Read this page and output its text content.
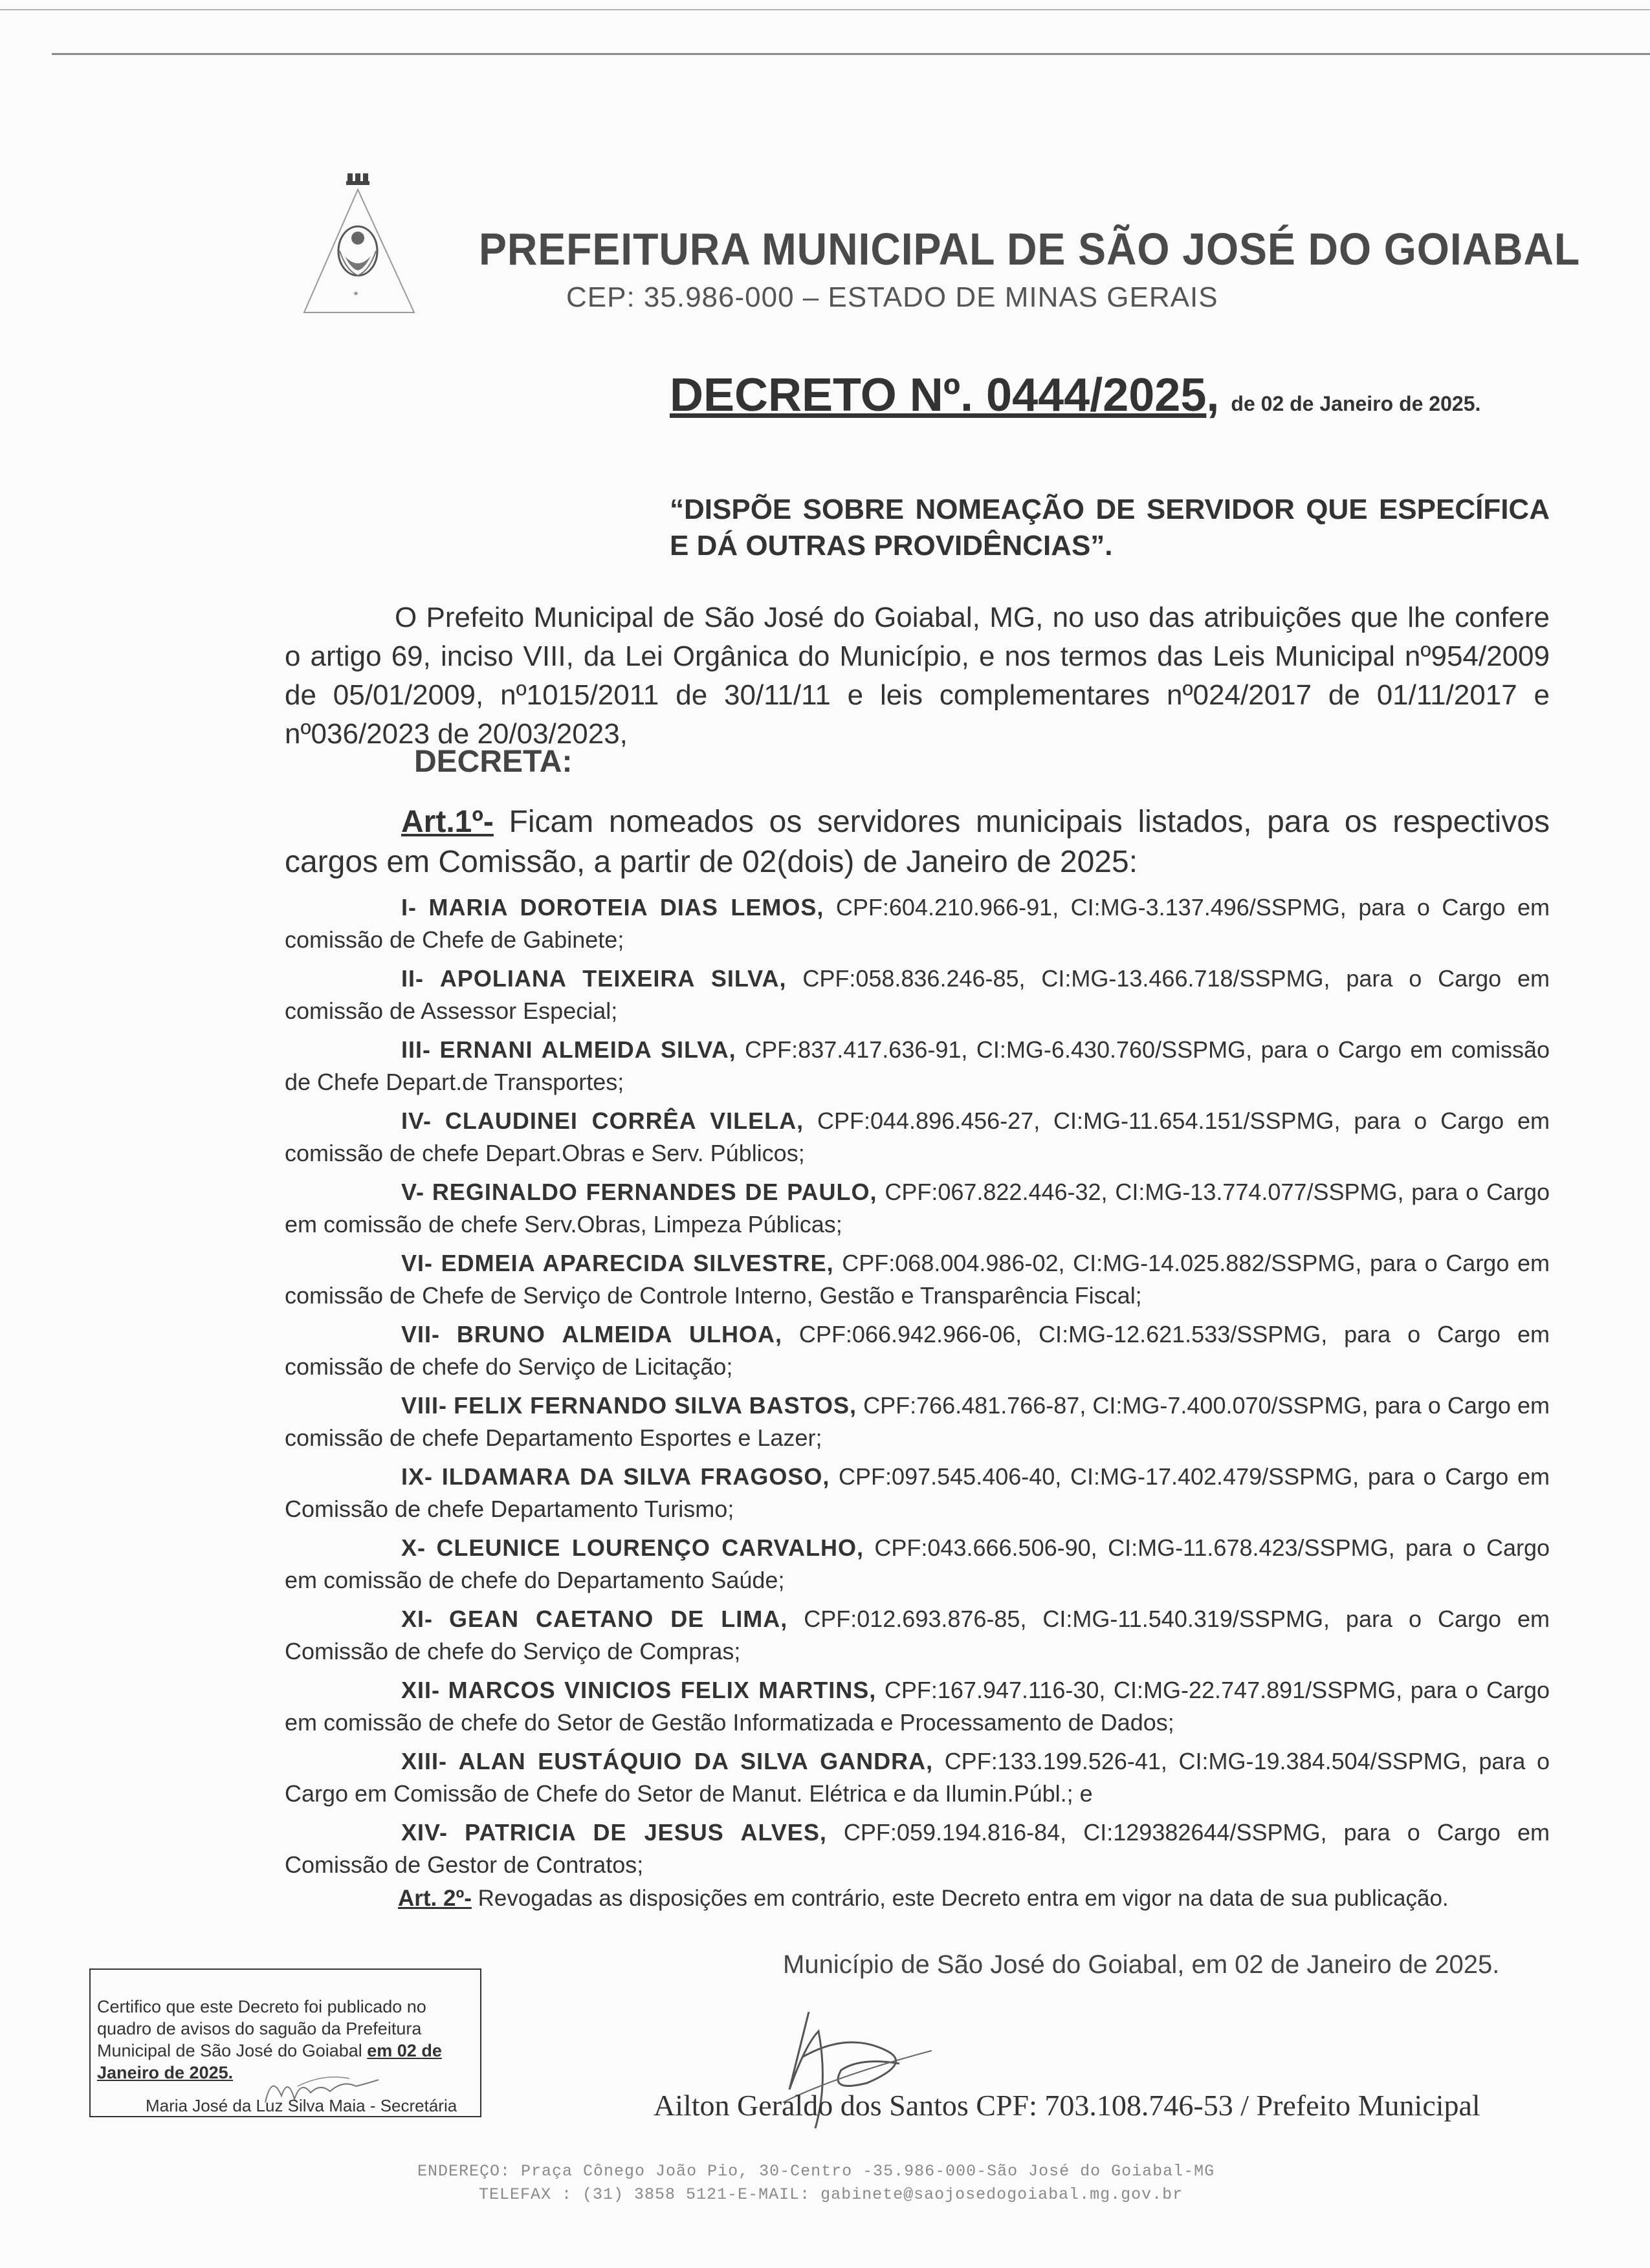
✶
PREFEITURA MUNICIPAL DE SÃO JOSÉ DO GOIABAL
CEP: 35.986-000 – ESTADO DE MINAS GERAIS
DECRETO Nº. 0444/2025, de 02 de Janeiro de 2025.
“DISPÕE SOBRE NOMEAÇÃO DE SERVIDOR QUE ESPECÍFICA E DÁ OUTRAS PROVIDÊNCIAS”.
O Prefeito Municipal de São José do Goiabal, MG, no uso das atribuições que lhe confere o artigo 69, inciso VIII, da Lei Orgânica do Município, e nos termos das Leis Municipal nº954/2009 de 05/01/2009, nº1015/2011 de 30/11/11 e leis complementares nº024/2017 de 01/11/2017 e nº036/2023 de 20/03/2023,
DECRETA:
Art.1º- Ficam nomeados os servidores municipais listados, para os respectivos cargos em Comissão, a partir de 02(dois) de Janeiro de 2025:
I- MARIA DOROTEIA DIAS LEMOS, CPF:604.210.966-91, CI:MG-3.137.496/SSPMG, para o Cargo em comissão de Chefe de Gabinete;
II- APOLIANA TEIXEIRA SILVA, CPF:058.836.246-85, CI:MG-13.466.718/SSPMG, para o Cargo em comissão de Assessor Especial;
III- ERNANI ALMEIDA SILVA, CPF:837.417.636-91, CI:MG-6.430.760/SSPMG, para o Cargo em comissão de Chefe Depart.de Transportes;
IV- CLAUDINEI CORRÊA VILELA, CPF:044.896.456-27, CI:MG-11.654.151/SSPMG, para o Cargo em comissão de chefe Depart.Obras e Serv. Públicos;
V- REGINALDO FERNANDES DE PAULO, CPF:067.822.446-32, CI:MG-13.774.077/SSPMG, para o Cargo em comissão de chefe Serv.Obras, Limpeza Públicas;
VI- EDMEIA APARECIDA SILVESTRE, CPF:068.004.986-02, CI:MG-14.025.882/SSPMG, para o Cargo em comissão de Chefe de Serviço de Controle Interno, Gestão e Transparência Fiscal;
VII- BRUNO ALMEIDA ULHOA, CPF:066.942.966-06, CI:MG-12.621.533/SSPMG, para o Cargo em comissão de chefe do Serviço de Licitação;
VIII- FELIX FERNANDO SILVA BASTOS, CPF:766.481.766-87, CI:MG-7.400.070/SSPMG, para o Cargo em comissão de chefe Departamento Esportes e Lazer;
IX- ILDAMARA DA SILVA FRAGOSO, CPF:097.545.406-40, CI:MG-17.402.479/SSPMG, para o Cargo em Comissão de chefe Departamento Turismo;
X- CLEUNICE LOURENÇO CARVALHO, CPF:043.666.506-90, CI:MG-11.678.423/SSPMG, para o Cargo em comissão de chefe do Departamento Saúde;
XI- GEAN CAETANO DE LIMA, CPF:012.693.876-85, CI:MG-11.540.319/SSPMG, para o Cargo em Comissão de chefe do Serviço de Compras;
XII- MARCOS VINICIOS FELIX MARTINS, CPF:167.947.116-30, CI:MG-22.747.891/SSPMG, para o Cargo em comissão de chefe do Setor de Gestão Informatizada e Processamento de Dados;
XIII- ALAN EUSTÁQUIO DA SILVA GANDRA, CPF:133.199.526-41, CI:MG-19.384.504/SSPMG, para o Cargo em Comissão de Chefe do Setor de Manut. Elétrica e da Ilumin.Públ.; e
XIV- PATRICIA DE JESUS ALVES, CPF:059.194.816-84, CI:129382644/SSPMG, para o Cargo em Comissão de Gestor de Contratos;
Art. 2º- Revogadas as disposições em contrário, este Decreto entra em vigor na data de sua publicação.
Município de São José do Goiabal, em 02 de Janeiro de 2025.
Certifico que este Decreto foi publicado no quadro de avisos do saguão da Prefeitura Municipal de São José do Goiabal em 02 de Janeiro de 2025.
Maria José da Luz Silva Maia - Secretária	Ailton Geraldo dos Santos CPF: 703.108.746-53 / Prefeito Municipal
ENDEREÇO: Praça Cônego João Pio, 30-Centro -35.986-000-São José do Goiabal-MG
TELEFAX : (31) 3858 5121-E-MAIL: gabinete@saojosedogoiabal.mg.gov.br
